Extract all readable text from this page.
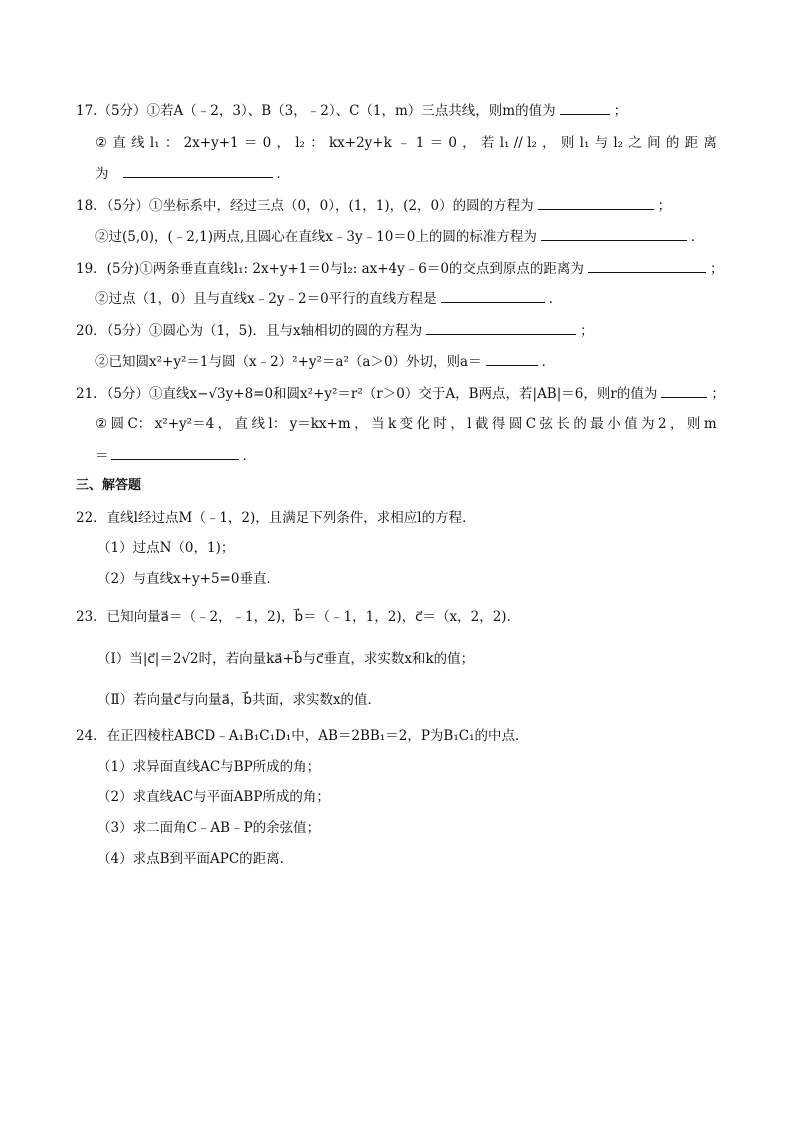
17.（5分）①若A（﹣2，3）、B（3，﹣2）、C（1，m）三点共线，则m的值为	；
② 直 线 l₁ ： 2x+y+1 ＝ 0 ， l₂ ： kx+2y+k ﹣ 1 ＝ 0 ， 若 l₁ // l₂ ， 则 l₁ 与 l₂ 之 间 的 距 离
为	．
18．（5分）①坐标系中，经过三点（0，0），(1，1)，(2，0）的圆的方程为	；
②过(5,0)，(﹣2,1)两点,且圆心在直线x﹣3y﹣10＝0上的圆的标准方程为	．
19．(5分)①两条垂直直线l₁: 2x+y+1＝0与l₂: ax+4y﹣6＝0的交点到原点的距离为	；
②过点（1，0）且与直线x﹣2y﹣2＝0平行的直线方程是	．
20．（5分）①圆心为（1，5)．且与x轴相切的圆的方程为	；
②已知圆x²+y²＝1与圆（x﹣2）²+y²＝a²（a＞0）外切，则a＝	．
21．（5分）①直线x−√3y+8=0和圆x²+y²＝r²（r＞0）交于A，B两点，若|AB|＝6，则r的值为	；
② 圆 C： x²+y²＝4 ， 直 线 l： y＝kx+m ， 当 k 变 化 时 ， l 截 得 圆 C 弦 长 的 最 小 值 为 2 ， 则 m
＝	．
三、解答题
22．直线l经过点M（﹣1，2)，且满足下列条件，求相应l的方程．
（1）过点N（0，1)；
（2）与直线x+y+5=0垂直．
23．已知向量a⃗＝（﹣2，﹣1，2)，b⃗＝（﹣1，1，2)，c⃗＝（x，2，2)．
（Ⅰ）当|c⃗|＝2√2时，若向量ka⃗+b⃗与c⃗垂直，求实数x和k的值；
（Ⅱ）若向量c⃗与向量a⃗，b⃗共面，求实数x的值．
24．在正四棱柱ABCD﹣A₁B₁C₁D₁中，AB＝2BB₁＝2，P为B₁C₁的中点．
（1）求异面直线AC与BP所成的角；
（2）求直线AC与平面ABP所成的角；
（3）求二面角C﹣AB﹣P的余弦值；
（4）求点B到平面APC的距离．
